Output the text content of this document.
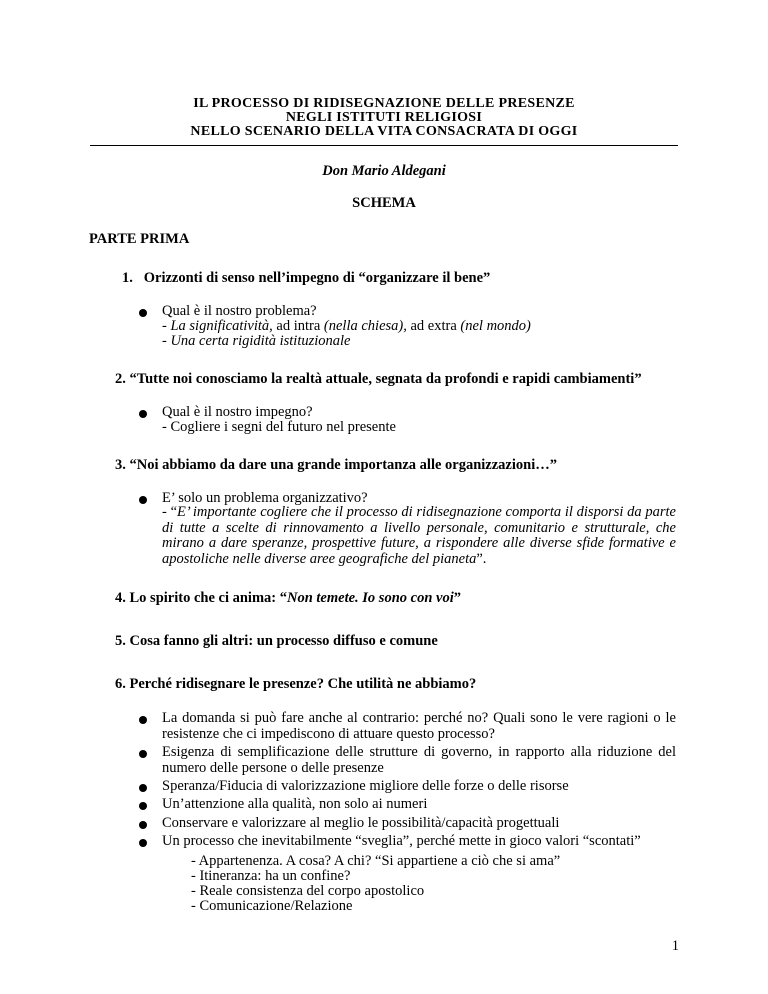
IL PROCESSO DI RIDISEGNAZIONE DELLE PRESENZE
NEGLI ISTITUTI RELIGIOSI
NELLO SCENARIO DELLA VITA CONSACRATA DI OGGI
Don Mario Aldegani
SCHEMA
PARTE PRIMA
1.   Orizzonti di senso nell’impegno di “organizzare il bene”
Qual è il nostro problema?
- La significatività, ad intra (nella chiesa), ad extra (nel mondo)
- Una certa rigidità istituzionale
2. “Tutte noi conosciamo la realtà attuale, segnata da profondi e rapidi cambiamenti”
Qual è il nostro impegno?
- Cogliere i segni del futuro nel presente
3. “Noi abbiamo da dare una grande importanza alle organizzazioni…”
E’ solo un problema organizzativo?
- “E’ importante cogliere che il processo di ridisegnazione comporta il disporsi da parte di tutte a scelte di rinnovamento a livello personale, comunitario e strutturale, che mirano a dare speranze, prospettive future, a rispondere alle diverse sfide formative e apostoliche nelle diverse aree geografiche del pianeta”.
4. Lo spirito che ci anima: “Non temete. Io sono con voi”
5. Cosa fanno gli altri: un processo diffuso e comune
6. Perché ridisegnare le presenze? Che utilità ne abbiamo?
La domanda si può fare anche al contrario: perché no? Quali sono le vere ragioni o le resistenze che ci impediscono di attuare questo processo?
Esigenza di semplificazione delle strutture di governo, in rapporto alla riduzione del numero delle persone o delle presenze
Speranza/Fiducia di valorizzazione migliore delle forze o delle risorse
Un’attenzione alla qualità, non solo ai numeri
Conservare e valorizzare al meglio le possibilità/capacità progettuali
Un processo che inevitabilmente “sveglia”, perché mette in gioco valori “scontati”
- Appartenenza. A cosa? A chi? “Si appartiene a ciò che si ama”
- Itineranza: ha un confine?
- Reale consistenza del corpo apostolico
- Comunicazione/Relazione
1
